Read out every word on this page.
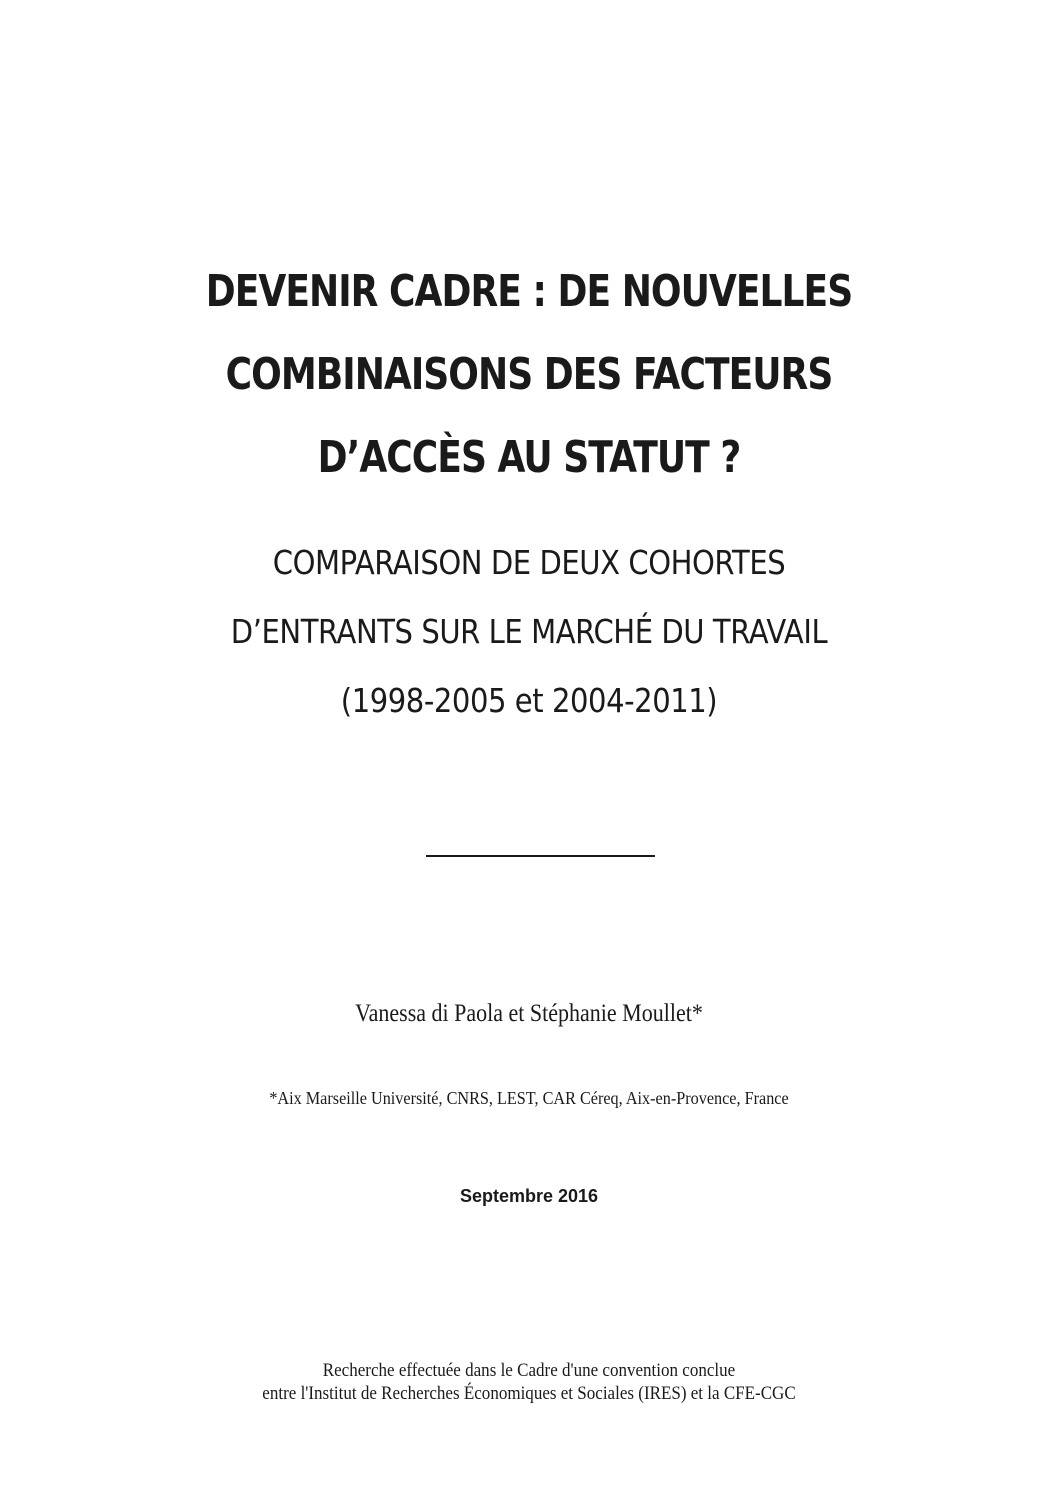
DEVENIR CADRE : DE NOUVELLES
COMBINAISONS DES FACTEURS
D’ACCÈS AU STATUT ?
COMPARAISON DE DEUX COHORTES
D’ENTRANTS SUR LE MARCHÉ DU TRAVAIL
(1998-2005 et 2004-2011)
Vanessa di Paola et Stéphanie Moullet*
*Aix Marseille Université, CNRS, LEST, CAR Céreq, Aix-en-Provence, France
Septembre 2016
Recherche effectuée dans le Cadre d'une convention conclue
entre l'Institut de Recherches Économiques et Sociales (IRES) et la CFE-CGC
